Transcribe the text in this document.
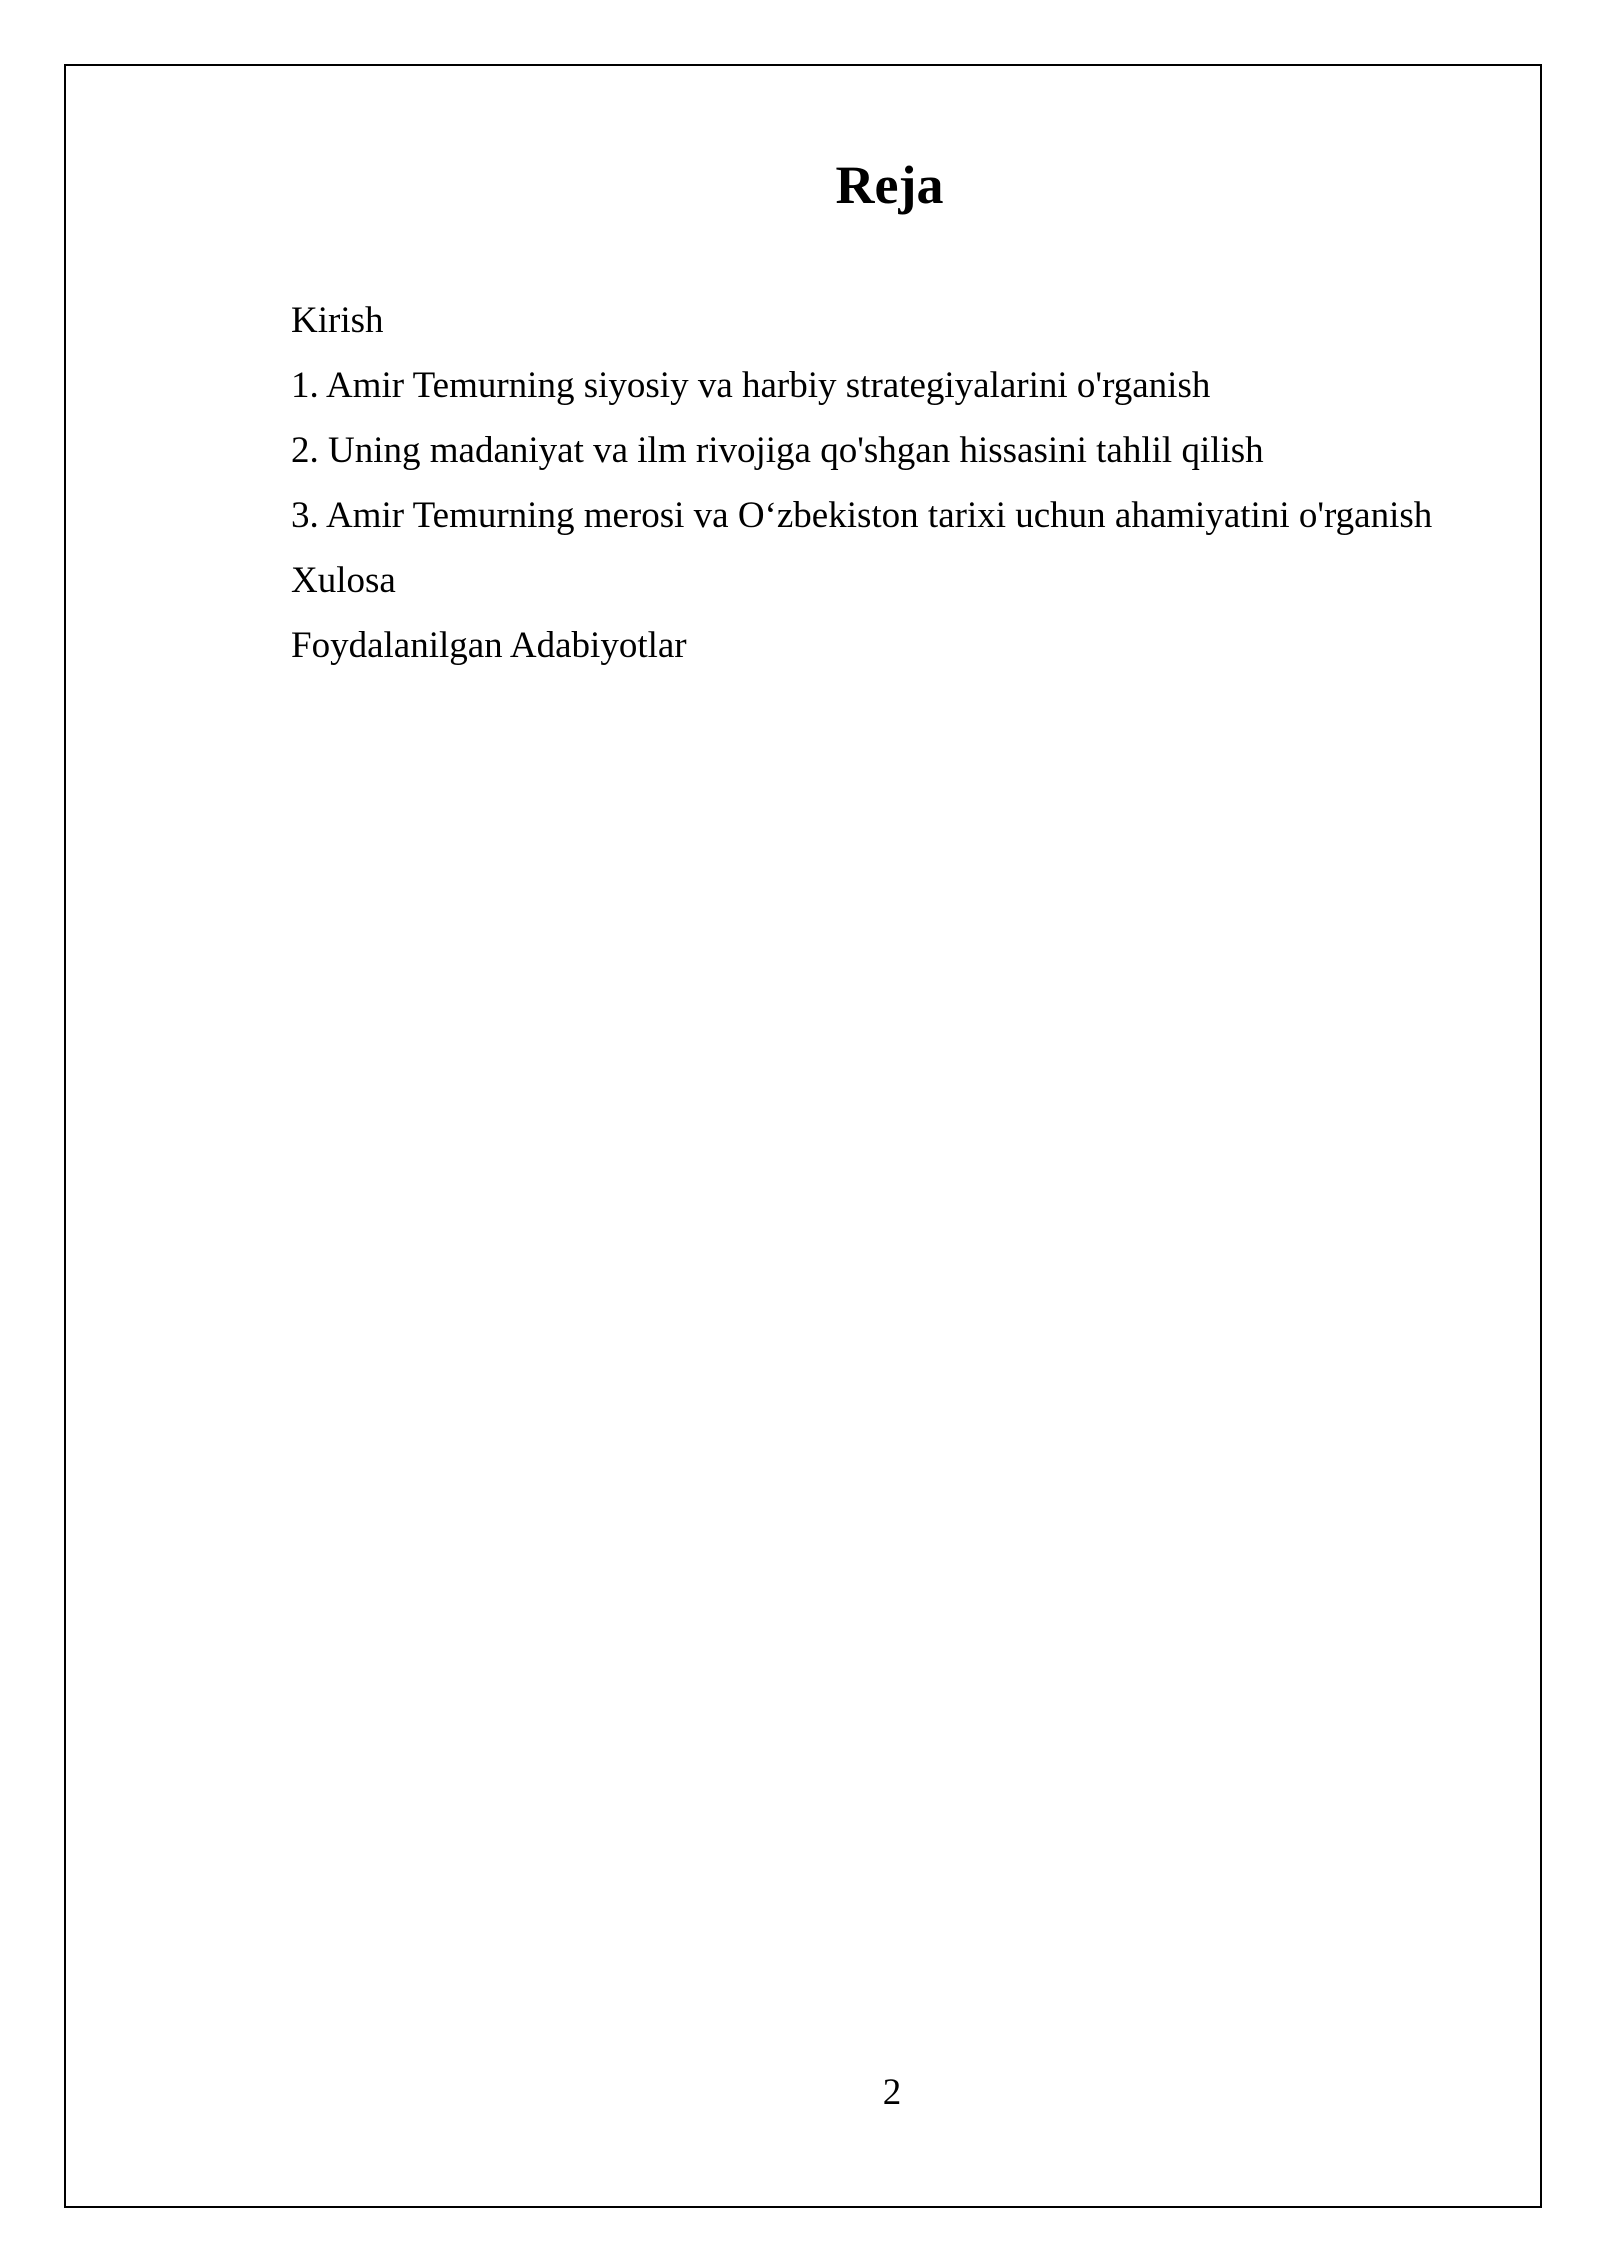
Reja
Kirish
1. Amir Temurning siyosiy va harbiy strategiyalarini o'rganish
2. Uning madaniyat va ilm rivojiga qo'shgan hissasini tahlil qilish
3. Amir Temurning merosi va O‘zbekiston tarixi uchun ahamiyatini o'rganish
Xulosa
Foydalanilgan Adabiyotlar
2
